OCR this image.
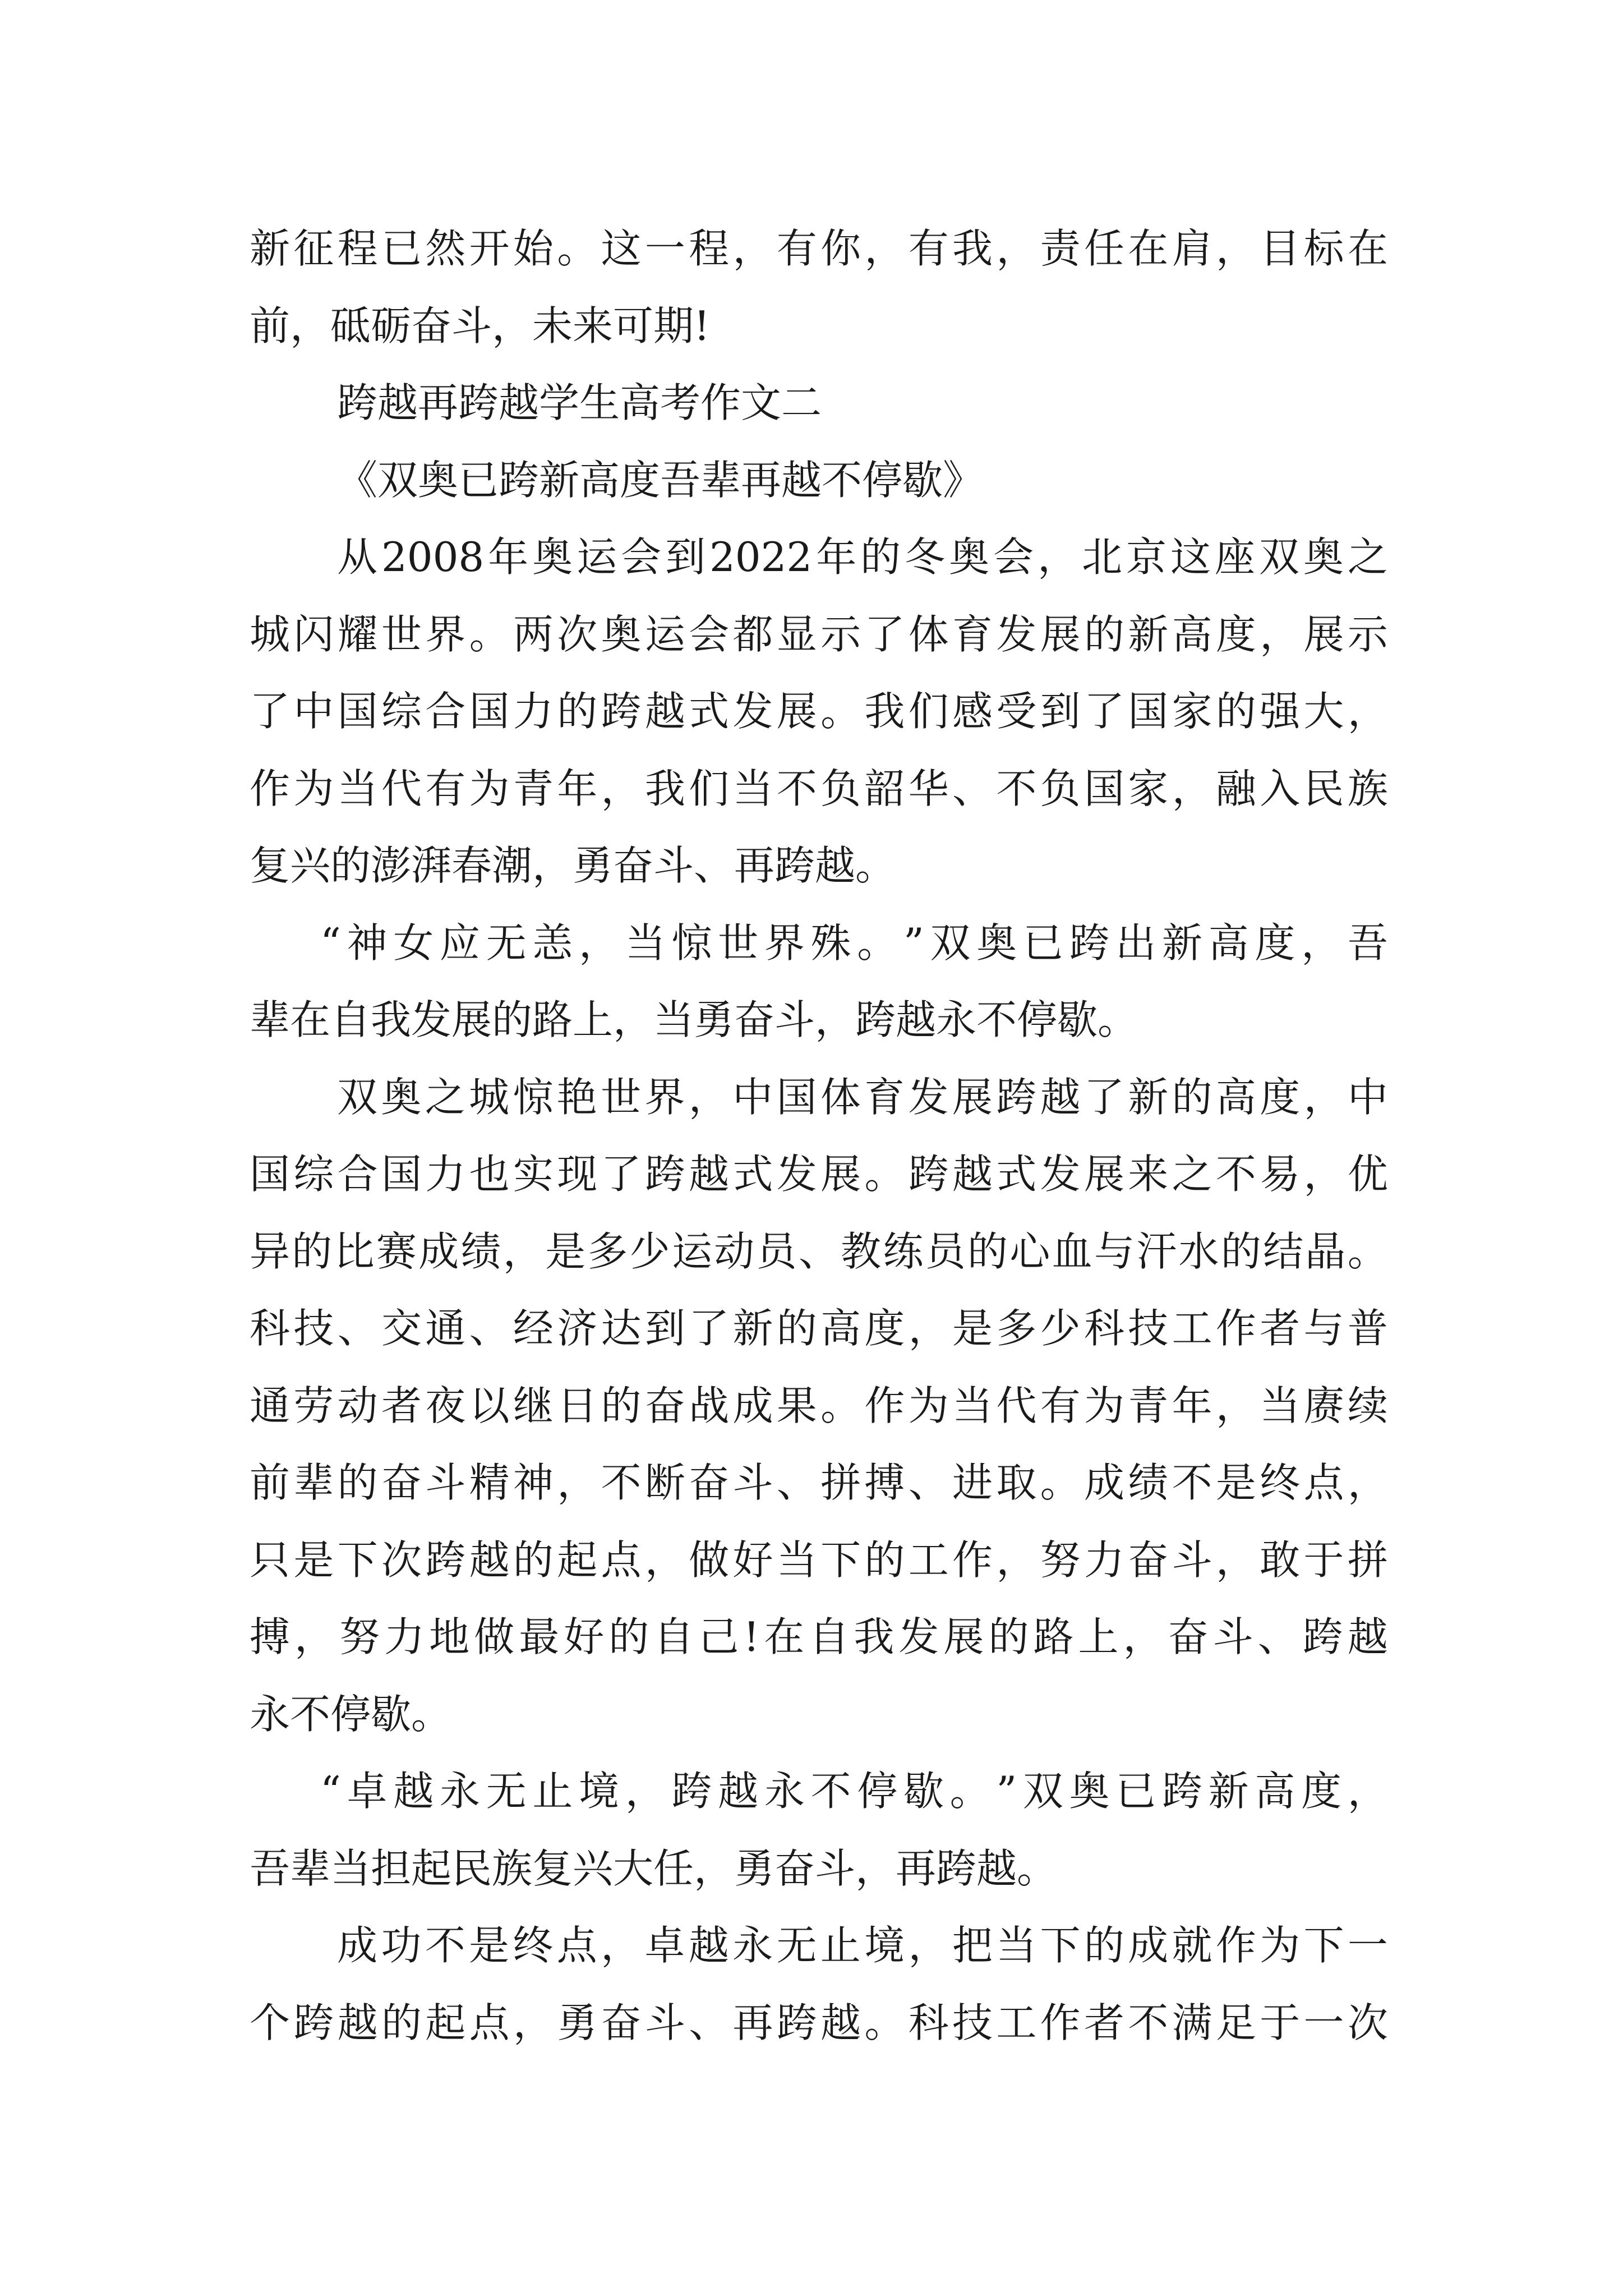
新 征 程 已 然 开 始 。 这 一 程 ， 有 你 ， 有 我 ， 责 任 在 肩 ， 目 标 在
前，砥砺奋斗，未来可期!
跨越再跨越学生高考作文二
《双奥已跨新高度吾辈再越不停歇》
从 2008 年 奥 运 会 到 2022 年 的 冬 奥 会 ， 北 京 这 座 双 奥 之
城 闪 耀 世 界 。 两 次 奥 运 会 都 显 示 了 体 育 发 展 的 新 高 度 ， 展 示
了 中 国 综 合 国 力 的 跨 越 式 发 展 。 我 们 感 受 到 了 国 家 的 强 大 ，
作 为 当 代 有 为 青 年 ， 我 们 当 不 负 韶 华 、 不 负 国 家 ， 融 入 民 族
复兴的澎湃春潮，勇奋斗、再跨越。
“ 神 女 应 无 恙 ， 当 惊 世 界 殊 。 ” 双 奥 已 跨 出 新 高 度 ， 吾
辈在自我发展的路上，当勇奋斗，跨越永不停歇。
双 奥 之 城 惊 艳 世 界 ， 中 国 体 育 发 展 跨 越 了 新 的 高 度 ， 中
国 综 合 国 力 也 实 现 了 跨 越 式 发 展 。 跨 越 式 发 展 来 之 不 易 ， 优
异 的 比 赛 成 绩 ， 是 多 少 运 动 员 、 教 练 员 的 心 血 与 汗 水 的 结 晶 。
科 技 、 交 通 、 经 济 达 到 了 新 的 高 度 ， 是 多 少 科 技 工 作 者 与 普
通 劳 动 者 夜 以 继 日 的 奋 战 成 果 。 作 为 当 代 有 为 青 年 ， 当 赓 续
前 辈 的 奋 斗 精 神 ， 不 断 奋 斗 、 拼 搏 、 进 取 。 成 绩 不 是 终 点 ，
只 是 下 次 跨 越 的 起 点 ， 做 好 当 下 的 工 作 ， 努 力 奋 斗 ， 敢 于 拼
搏 ， 努 力 地 做 最 好 的 自 己 ! 在 自 我 发 展 的 路 上 ， 奋 斗 、 跨 越
永不停歇。
“ 卓 越 永 无 止 境 ， 跨 越 永 不 停 歇 。 ” 双 奥 已 跨 新 高 度 ，
吾辈当担起民族复兴大任，勇奋斗，再跨越。
成 功 不 是 终 点 ， 卓 越 永 无 止 境 ， 把 当 下 的 成 就 作 为 下 一
个 跨 越 的 起 点 ， 勇 奋 斗 、 再 跨 越 。 科 技 工 作 者 不 满 足 于 一 次
